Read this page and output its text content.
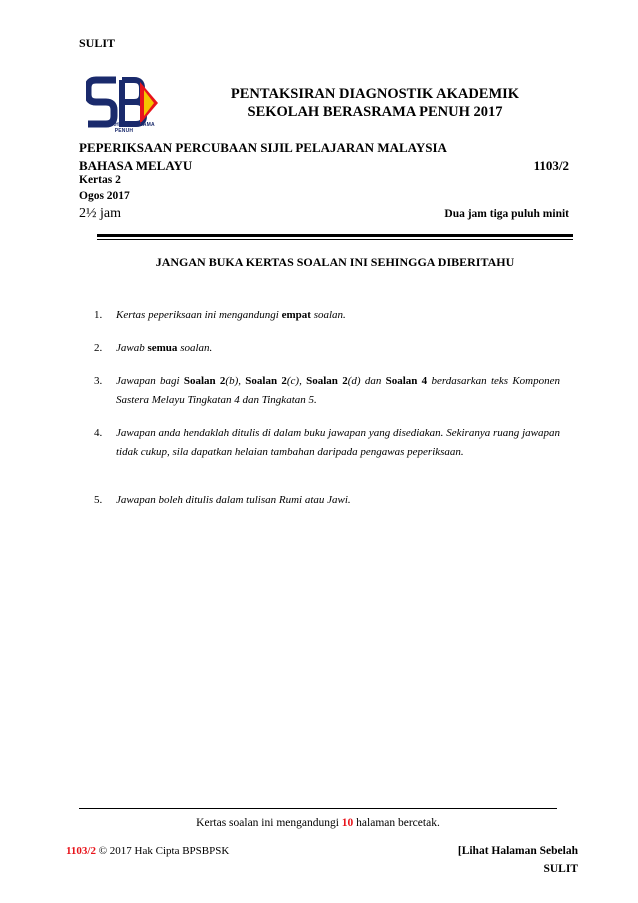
SULIT
SEKOLAH BERASRAMA PENUH
PENTAKSIRAN DIAGNOSTIK AKADEMIK
SEKOLAH BERASRAMA PENUH 2017
PEPERIKSAAN PERCUBAAN SIJIL PELAJARAN MALAYSIA
BAHASA MELAYU	1103/2
Kertas 2
Ogos 2017
2½ jam	Dua jam tiga puluh minit
JANGAN BUKA KERTAS SOALAN INI SEHINGGA DIBERITAHU
1.	Kertas peperiksaan ini mengandungi empat soalan.
2.	Jawab semua soalan.
3.	Jawapan bagi Soalan 2(b), Soalan 2(c), Soalan 2(d) dan Soalan 4 berdasarkan teks Komponen Sastera Melayu Tingkatan 4 dan Tingkatan 5.
4.	Jawapan anda hendaklah ditulis di dalam buku jawapan yang disediakan. Sekiranya ruang jawapan tidak cukup, sila dapatkan helaian tambahan daripada pengawas peperiksaan.
5.	Jawapan boleh ditulis dalam tulisan Rumi atau Jawi.
Kertas soalan ini mengandungi 10 halaman bercetak.
1103/2 © 2017 Hak Cipta BPSBPSK	[Lihat Halaman Sebelah
SULIT
